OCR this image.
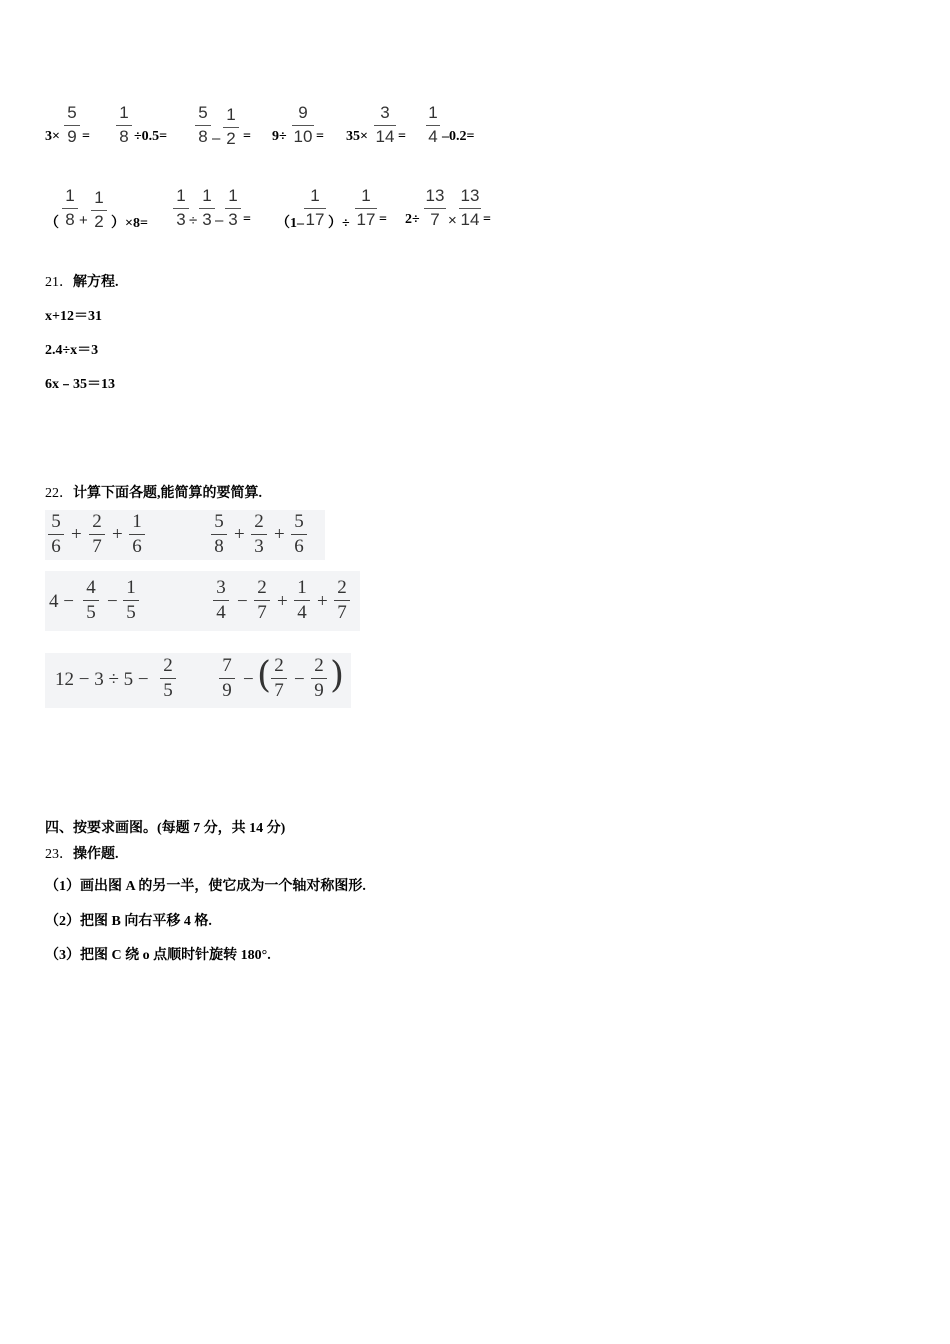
3×
5
9 =
1
8 ÷0.5=
5
8 –
1
2 = 9÷
9
10 = 35×
3
14 =
1
4 –0.2=
（
1
8 +
1
2 ）×8=
1
3 ÷
1
3 –
1
3 = （1–
1
17 ）÷
1
17 = 2÷
13
7 ×
13
14 =
21．解方程.
x+12＝31
2.4÷x＝3
6x﹣35＝13
22．计算下面各题,能简算的要简算.
5
6
+
2
7
+
1
6
5
8
+
2
3
+
5
6
4 −
4
5
−
1
5
3
4
−
2
7
+
1
4
+
2
7
12 − 3 ÷ 5 −
2
5
7
9
− ( 2
7
−
2
9 )
四、按要求画图。(每题 7 分，共 14 分)
23．操作题.
（1）画出图 A 的另一半，使它成为一个轴对称图形.
（2）把图 B 向右平移 4 格.
（3）把图 C 绕 o 点顺时针旋转 180°.
